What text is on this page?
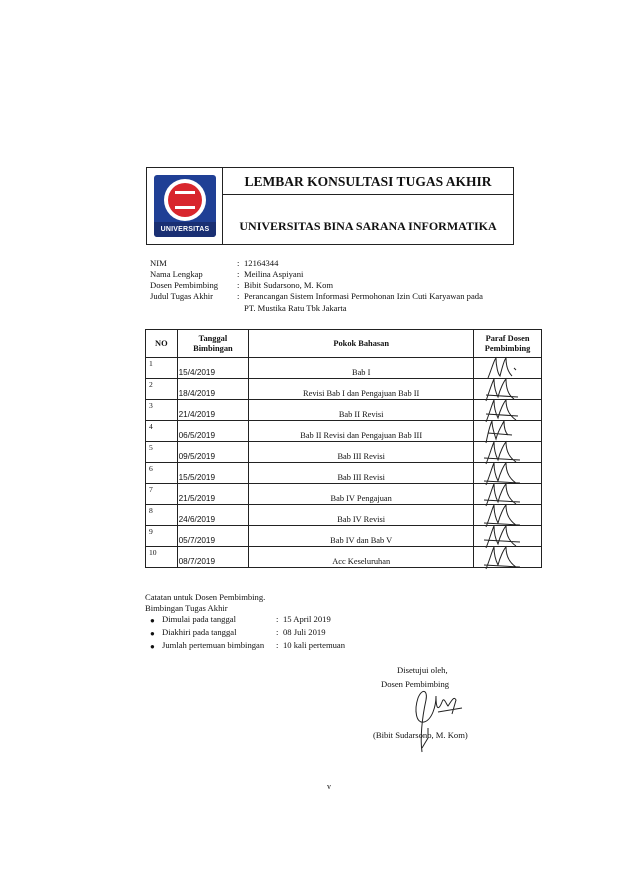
UNIVERSITAS
LEMBAR KONSULTASI TUGAS AKHIR
UNIVERSITAS BINA SARANA INFORMATIKA
NIM	: 12164344
Nama Lengkap	: Meilina Aspiyani
Dosen Pembimbing : Bibit Sudarsono, M. Kom
Judul Tugas Akhir	: Perancangan Sistem Informasi Permohonan Izin Cuti Karyawan pada
PT. Mustika Ratu Tbk Jakarta
NO	Tanggal Bimbingan	Pokok Bahasan	Paraf Dosen Pembimbing

1	15/4/2019	Bab I

2	18/4/2019	Revisi Bab I dan Pengajuan Bab II

3	21/4/2019	Bab II Revisi

4	06/5/2019	Bab II Revisi dan Pengajuan Bab III

5	09/5/2019	Bab III Revisi

6	15/5/2019	Bab III Revisi

7	21/5/2019	Bab IV Pengajuan

8	24/6/2019	Bab IV Revisi

9	05/7/2019	Bab IV dan Bab V

10	08/7/2019	Acc Keseluruhan

Catatan untuk Dosen Pembimbing.
Bimbingan Tugas Akhir
● Dimulai pada tanggal	: 15 April 2019
● Diakhiri pada tanggal	: 08 Juli 2019
● Jumlah pertemuan bimbingan : 10 kali pertemuan
Disetujui oleh,
Dosen Pembimbing
(Bibit Sudarsono, M. Kom)
v
